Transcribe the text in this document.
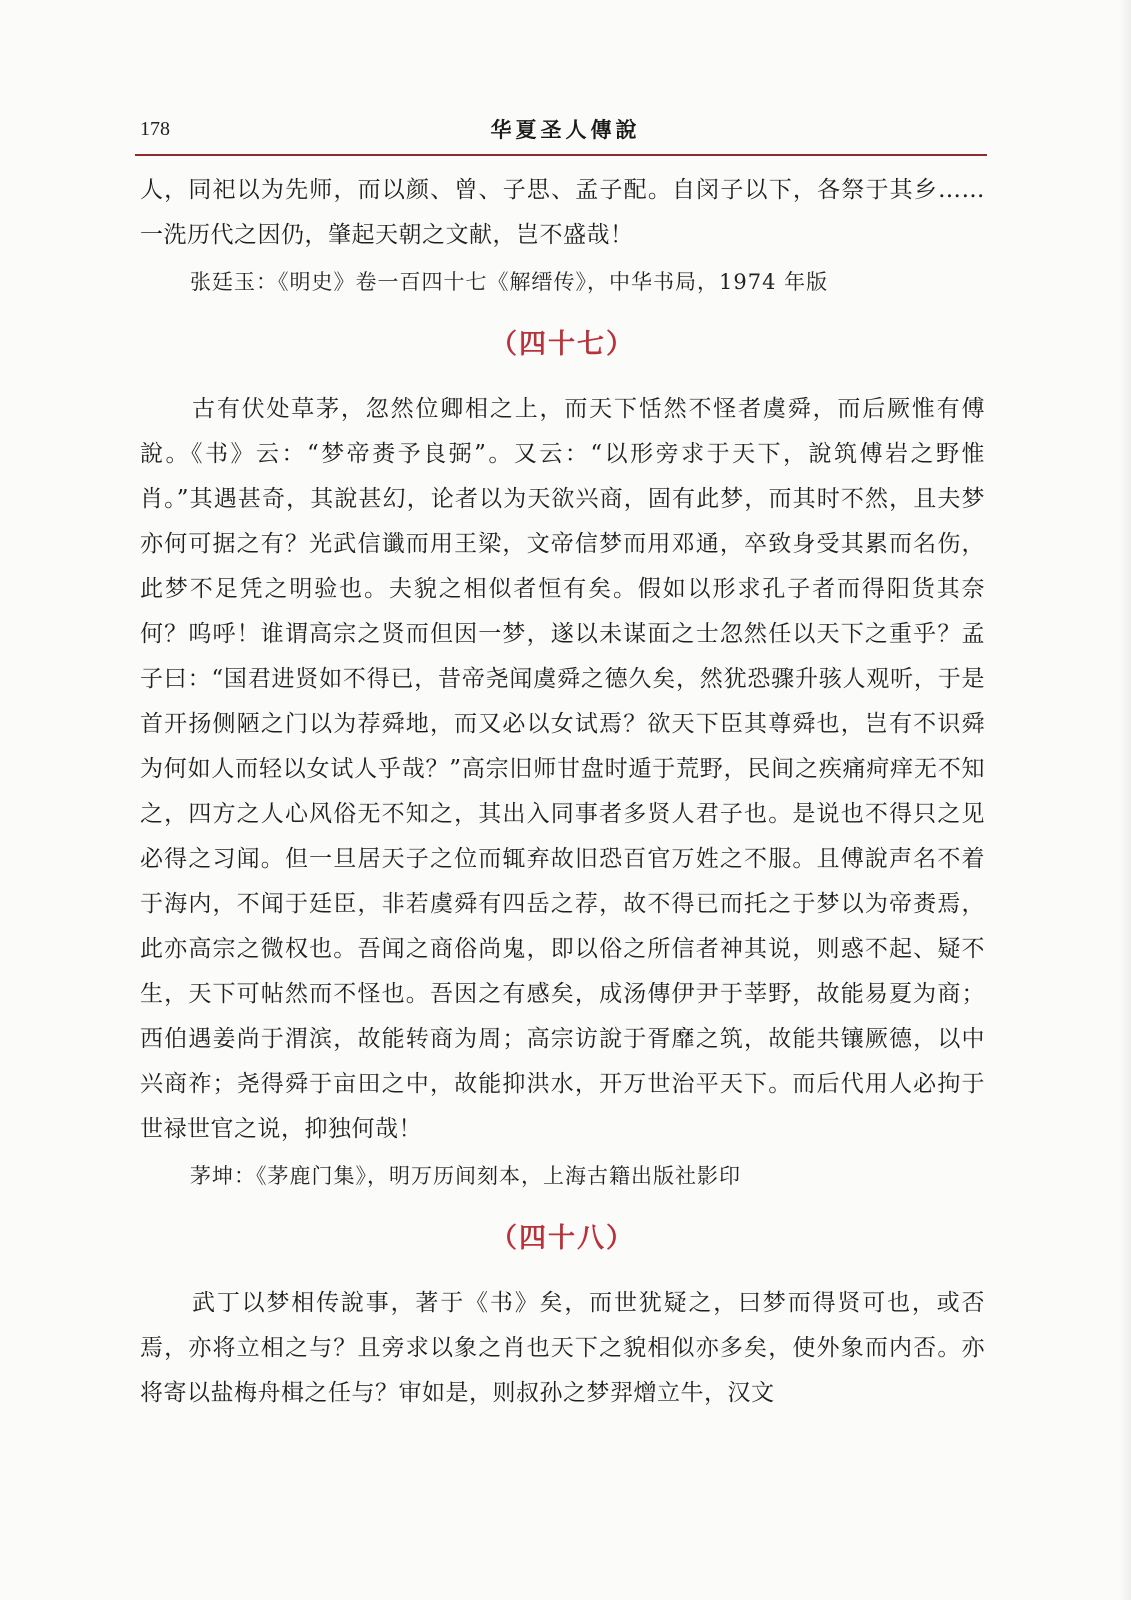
178	华夏圣人傳說

人，同祀以为先师，而以颜、曾、子思、孟子配。自闵子以下，各祭于其乡……一洗历代之因仍，肇起天朝之文献，岂不盛哉！

张廷玉：《明史》卷一百四十七《解缙传》，中华书局，1974 年版
（四十七）

古有伏处草茅，忽然位卿相之上，而天下恬然不怪者虞舜，而后厥惟有傅說。《书》云：“梦帝赉予良弼”。又云：“以形旁求于天下，說筑傅岩之野惟肖。”其遇甚奇，其說甚幻，论者以为天欲兴商，固有此梦，而其时不然，且夫梦亦何可据之有？光武信谶而用王梁，文帝信梦而用邓通，卒致身受其累而名伤，此梦不足凭之明验也。夫貌之相似者恒有矣。假如以形求孔子者而得阳货其奈何？呜呼！谁谓高宗之贤而但因一梦，遂以未谋面之士忽然任以天下之重乎？孟子曰：“国君进贤如不得已，昔帝尧闻虞舜之德久矣，然犹恐骤升骇人观听，于是首开扬侧陋之门以为荐舜地，而又必以女试焉？欲天下臣其尊舜也，岂有不识舜为何如人而轻以女试人乎哉？”高宗旧师甘盘时遁于荒野，民间之疾痛疴痒无不知之，四方之人心风俗无不知之，其出入同事者多贤人君子也。是说也不得只之见必得之习闻。但一旦居天子之位而辄弃故旧恐百官万姓之不服。且傅說声名不着于海内，不闻于廷臣，非若虞舜有四岳之荐，故不得已而托之于梦以为帝赉焉，此亦高宗之微权也。吾闻之商俗尚鬼，即以俗之所信者神其说，则惑不起、疑不生，天下可帖然而不怪也。吾因之有感矣，成汤傳伊尹于莘野，故能易夏为商；西伯遇姜尚于渭滨，故能转商为周；高宗访說于胥靡之筑，故能共镶厥德，以中兴商祚；尧得舜于亩田之中，故能抑洪水，开万世治平天下。而后代用人必拘于世禄世官之说，抑独何哉！

茅坤：《茅鹿门集》，明万历间刻本，上海古籍出版社影印
（四十八）

武丁以梦相传說事，著于《书》矣，而世犹疑之，曰梦而得贤可也，或否焉，亦将立相之与？且旁求以象之肖也天下之貌相似亦多矣，使外象而内否。亦将寄以盐梅舟楫之任与？审如是，则叔孙之梦羿熷立牛，汉文
